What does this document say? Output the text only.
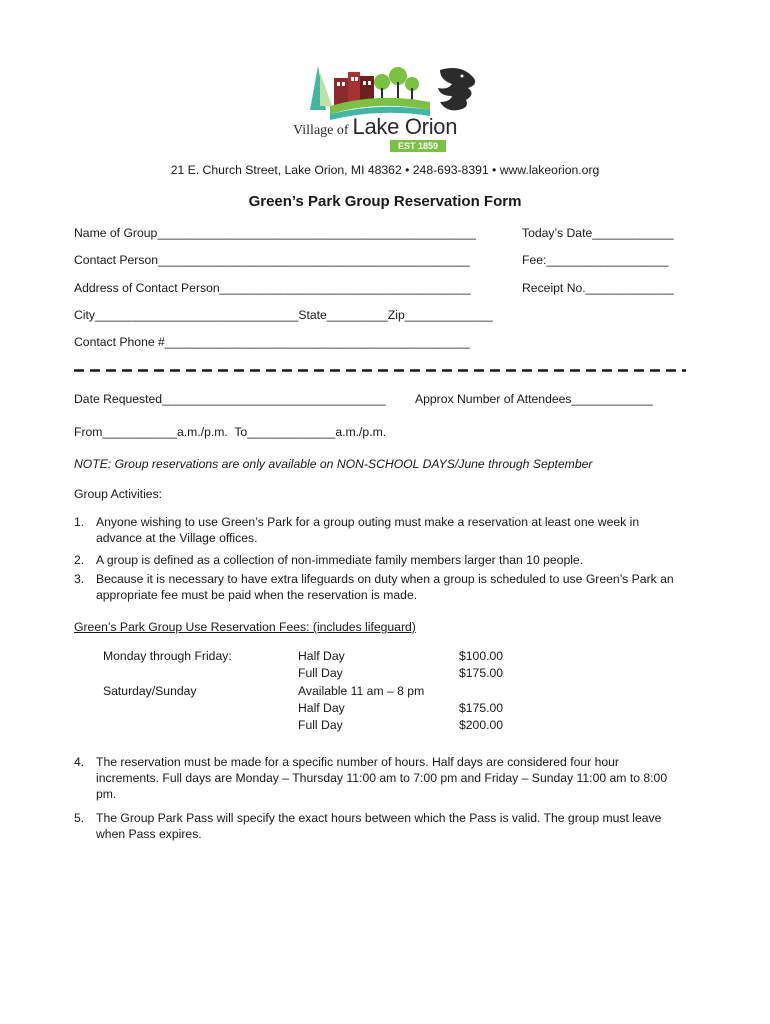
Village of Lake Orion
EST 1859
21 E. Church Street, Lake Orion, MI 48362 • 248-693-8391 • www.lakeorion.org
Green’s Park Group Reservation Form
Name of Group_______________________________________________	Today’s Date____________
Contact Person______________________________________________	Fee:__________________
Address of Contact Person_____________________________________	Receipt No._____________
City______________________________State_________Zip_____________
Contact Phone #_____________________________________________
Date Requested_________________________________ Approx Number of Attendees____________
From___________a.m./p.m.  To_____________a.m./p.m.
NOTE: Group reservations are only available on NON-SCHOOL DAYS/June through September
Group Activities:
1. Anyone wishing to use Green’s Park for a group outing must make a reservation at least one week in advance at the Village offices.
2. A group is defined as a collection of non-immediate family members larger than 10 people.
3. Because it is necessary to have extra lifeguards on duty when a group is scheduled to use Green’s Park an appropriate fee must be paid when the reservation is made.
Green’s Park Group Use Reservation Fees: (includes lifeguard)
Monday through Friday:	Half Day	$100.00
Full Day	$175.00
Saturday/Sunday	Available 11 am – 8 pm
Half Day	$175.00
Full Day	$200.00
4. The reservation must be made for a specific number of hours. Half days are considered four hour increments. Full days are Monday – Thursday 11:00 am to 7:00 pm and Friday – Sunday 11:00 am to 8:00 pm.
5. The Group Park Pass will specify the exact hours between which the Pass is valid. The group must leave when Pass expires.
